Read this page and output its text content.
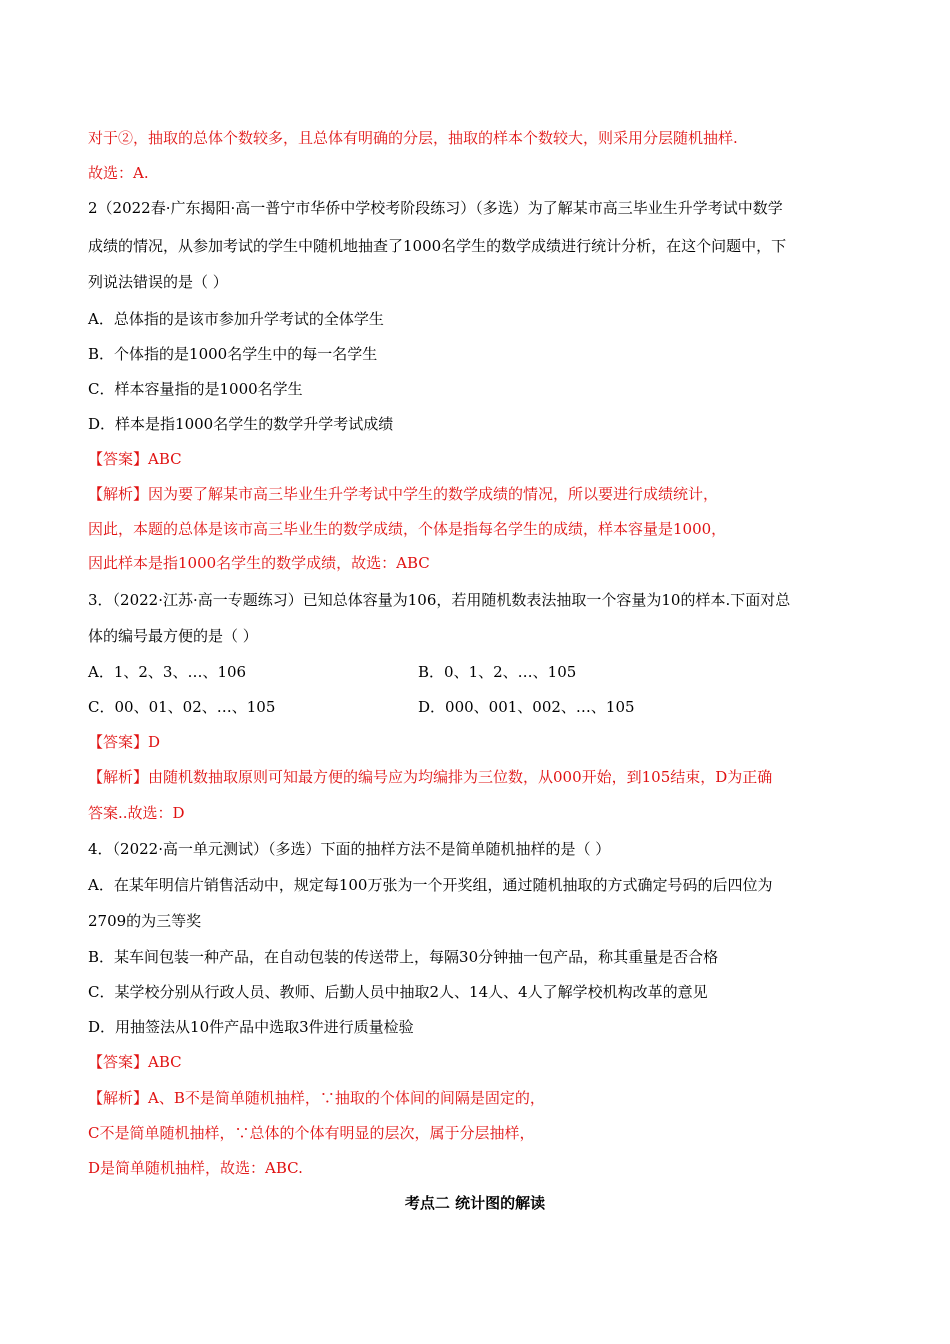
对于②，抽取的总体个数较多，且总体有明确的分层，抽取的样本个数较大，则采用分层随机抽样.
故选：A.
2（2022春·广东揭阳·高一普宁市华侨中学校考阶段练习）（多选）为了解某市高三毕业生升学考试中数学
成绩的情况，从参加考试的学生中随机地抽查了1000名学生的数学成绩进行统计分析，在这个问题中，下
列说法错误的是（ ）
A．总体指的是该市参加升学考试的全体学生
B．个体指的是1000名学生中的每一名学生
C．样本容量指的是1000名学生
D．样本是指1000名学生的数学升学考试成绩
【答案】ABC
【解析】因为要了解某市高三毕业生升学考试中学生的数学成绩的情况，所以要进行成绩统计，
因此，本题的总体是该市高三毕业生的数学成绩，个体是指每名学生的成绩，样本容量是1000，
因此样本是指1000名学生的数学成绩，故选：ABC
3．（2022·江苏·高一专题练习）已知总体容量为106，若用随机数表法抽取一个容量为10的样本.下面对总
体的编号最方便的是（ ）
A．1、2、3、…、106	B．0、1、2、…、105
C．00、01、02、…、105	D．000、001、002、…、105
【答案】D
【解析】由随机数抽取原则可知最方便的编号应为均编排为三位数，从000开始，到105结束，D为正确
答案..故选：D
4．（2022·高一单元测试）（多选）下面的抽样方法不是简单随机抽样的是（ ）
A．在某年明信片销售活动中，规定每100万张为一个开奖组，通过随机抽取的方式确定号码的后四位为
2709的为三等奖
B．某车间包装一种产品，在自动包装的传送带上，每隔30分钟抽一包产品，称其重量是否合格
C．某学校分别从行政人员、教师、后勤人员中抽取2人、14人、4人了解学校机构改革的意见
D．用抽签法从10件产品中选取3件进行质量检验
【答案】ABC
【解析】A、B不是简单随机抽样，∵抽取的个体间的间隔是固定的，
C不是简单随机抽样，∵总体的个体有明显的层次，属于分层抽样，
D是简单随机抽样，故选：ABC.
考点二 统计图的解读
